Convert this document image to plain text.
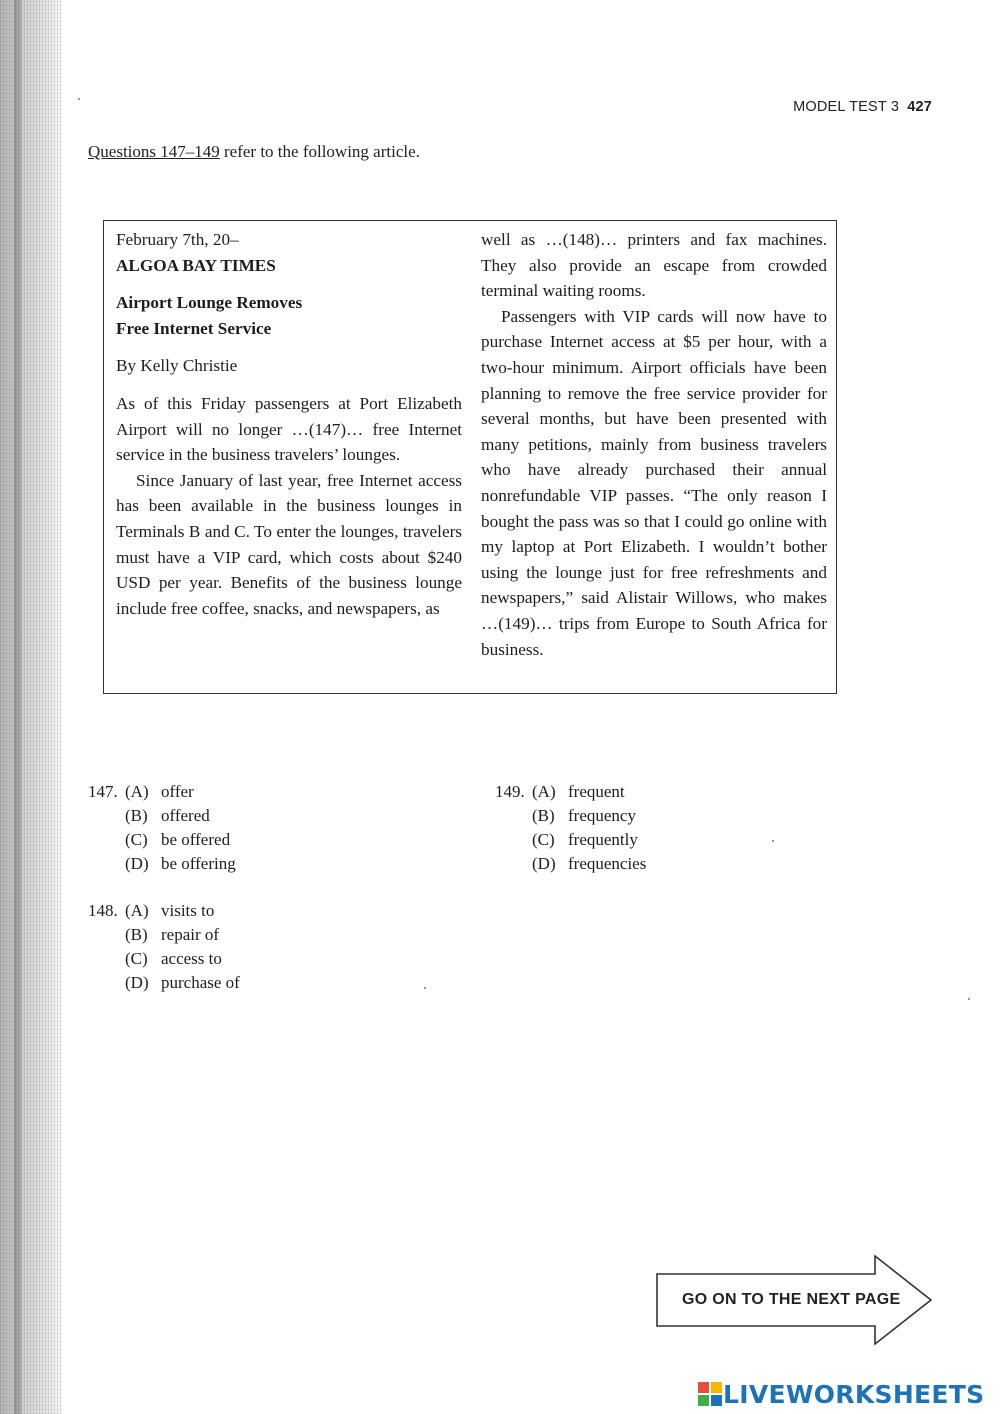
MODEL TEST 3 427
Questions 147–149 refer to the following article.

February 7th, 20–

ALGOA BAY TIMES

Airport Lounge Removes

Free Internet Service

By Kelly Christie

As of this Friday passengers at Port Elizabeth Airport will no longer …(147)… free Internet service in the business travelers’ lounges.

Since January of last year, free Internet access has been available in the business lounges in Terminals B and C. To enter the lounges, travelers must have a VIP card, which costs about $240 USD per year. Benefits of the business lounge include free coffee, snacks, and newspapers, as

well as …(148)… printers and fax machines. They also provide an escape from crowded terminal waiting rooms.

Passengers with VIP cards will now have to purchase Internet access at $5 per hour, with a two-hour minimum. Airport officials have been planning to remove the free service provider for several months, but have been presented with many petitions, mainly from business travelers who have already purchased their annual nonrefundable VIP passes. “The only reason I bought the pass was so that I could go online with my laptop at Port Elizabeth. I wouldn’t bother using the lounge just for free refreshments and newspapers,” said Alistair Willows, who makes …(149)… trips from Europe to South Africa for business.

147. (A) offer
(B) offered
(C) be offered
(D) be offering
148. (A) visits to
(B) repair of
(C) access to
(D) purchase of
149. (A) frequent
(B) frequency
(C) frequently
(D) frequencies
GO ON TO THE NEXT PAGE
LIVEWORKSHEETS
